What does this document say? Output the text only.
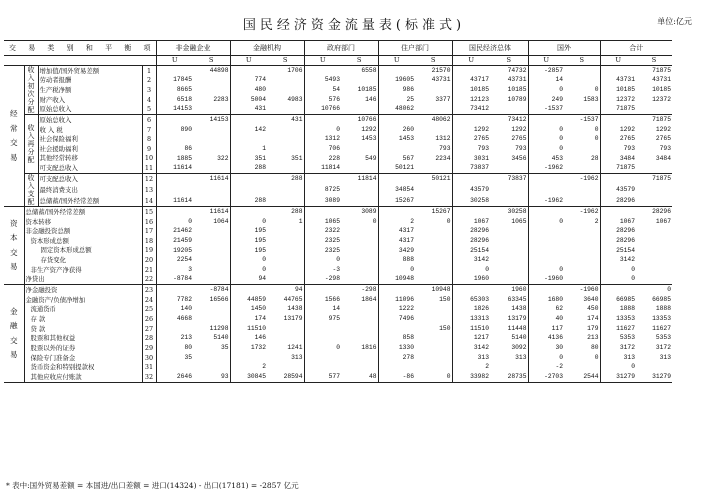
国民经济资金流量表(标准式)	单位:亿元
交 易 类 别 和 平 衡 项				非金融企业		金融机构		政府部门		住户部门		国民经济总体		国外		合计	
				U	S	U	S	U	S	U	S	U	S	U	S	U	S
经 常 交 易	收入初次分配	增加值/国外贸易差额	1		44898		1706		6558		21570		74732	-2857			71875
		劳动者报酬	2	17845		774		5493		19605	43731	43717	43731	14		43731	43731
		生产税净额	3	8665		480		54	10185	986		10185	10185	0	0	10185	10185
		财产收入	4	6518	2283	5004	4983	576	146	25	3377	12123	10789	249	1583	12372	12372
		原始总收入	5	14153		431		10766		48062		73412		-1537		71875	
	收入再分配	原始总收入	6		14153		431		10766		48062		73412		-1537		71875
		收 入 税	7	890		142		0	1292	260		1292	1292	0	0	1292	1292
		社会保险福利	8					1312	1453	1453	1312	2765	2765	0	0	2765	2765
		社会援助福利	9	86		1		706			793	793	793	0		793	793
		其他经常转移	10	1885	322	351	351	228	549	567	2234	3031	3456	453	28	3484	3484
		可支配总收入	11	11614		288		11814		50121		73837		-1962		71875	
	收入支配	可支配总收入	12		11614		288		11814		50121		73837		-1962		71875
		最终消费支出	13					8725		34854		43579				43579	
		总储蓄/国外经常差额	14	11614		288		3089		15267		30258		-1962		28296	
资 本 交 易	总储蓄/国外经常差额		15		11614		288		3089		15267		30258		-1962		28296
	资本转移		16	0	1064	0	1	1065	0	2	0	1067	1065	0	2	1067	1067
	非金融投资总额		17	21462		195		2322		4317		28296				28296	
	资本形成总额		18	21459		195		2325		4317		28296				28296	
	固定资本形成总额		19	19205		195		2325		3429		25154				25154	
	存货变化		20	2254		0		0		888		3142				3142	
	非生产资产净获得		21	3		0		-3		0		0		0		0	
	净贷出		22	-8784		94		-298		10948		1960		-1960		0	
金 融 交 易	净金融投资		23		-8784		94		-298		10948		1960		-1960		0
	金融资产/负债净增加		24	7782	16566	44859	44765	1566	1864	11096	150	65303	63345	1680	3640	66985	66985
	流通货币		25	140		1450	1438	14		1222		1826	1438	62	450	1888	1888
	存 款		26	4668		174	13179	975		7496		13313	13179	40	174	13353	13353
	贷 款		27		11298	11510					150	11510	11448	117	179	11627	11627
	股票和其他权益		28	213	5140	146				858		1217	5140	4136	213	5353	5353
	股票以外的证券		29	80	35	1732	1241	0	1816	1330		3142	3092	30	80	3172	3172
	保险专门准备金		30	35			313			278		313	313	0	0	313	313
	货币资金和特别提款权		31			2						2		-2		0	
	其他应收应付账款		32	2646	93	30845	28594	577	48	-86	0	33982	28735	-2703	2544	31279	31279
* 表中:国外贸易差额 = 本国进/出口差额 = 进口(14324) - 出口(17181) = -2857 亿元
